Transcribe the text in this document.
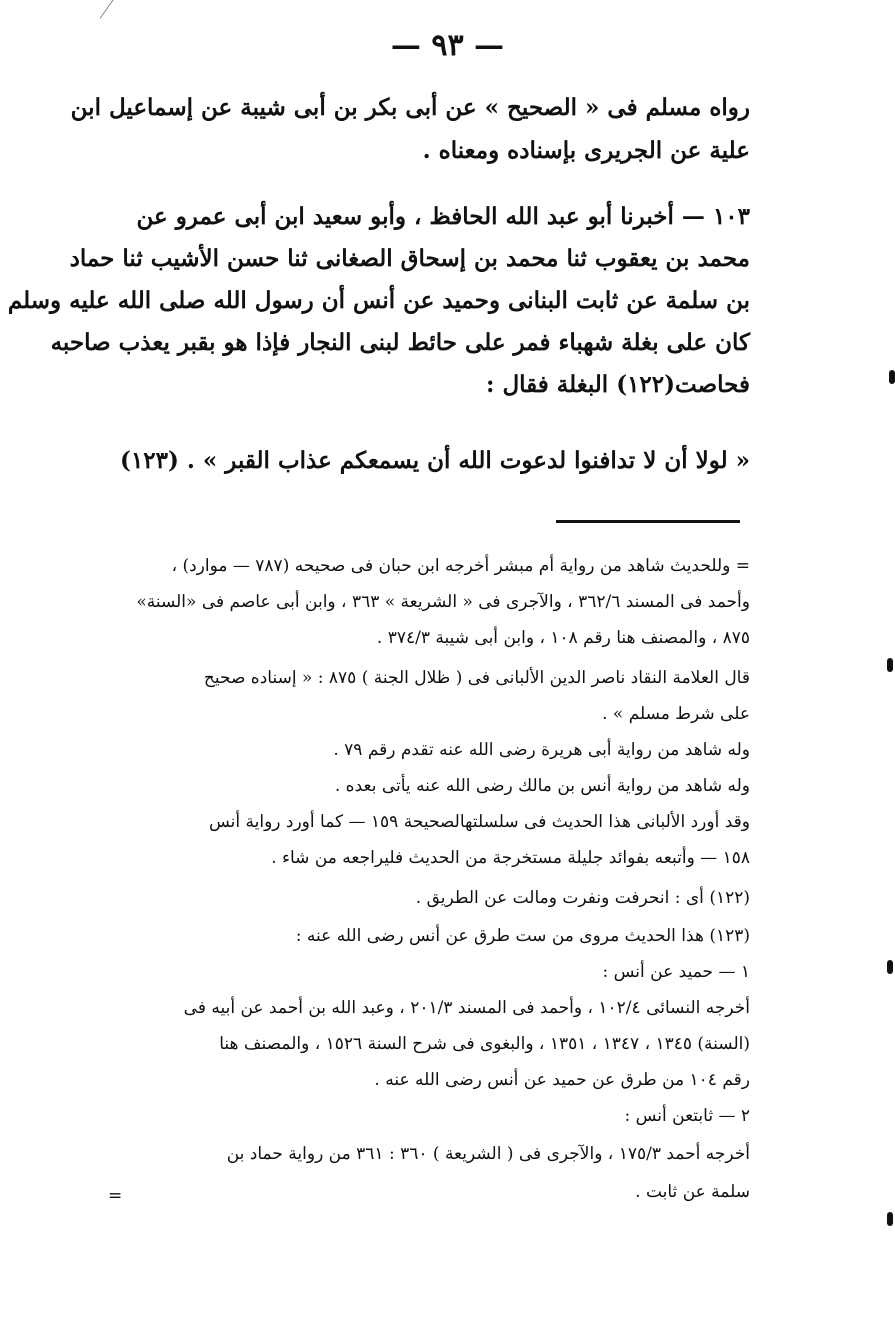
— ٩٣ —
رواه مسلم فى « الصحيح » عن أبى بكر بن أبى شيبة عن إسماعيل ابن
علية عن الجريرى بإسناده ومعناه .
١٠٣ — أخبرنا أبو عبد الله الحافظ ، وأبو سعيد ابن أبى عمرو عن
محمد بن يعقوب ثنا محمد بن إسحاق الصغانى ثنا حسن الأشيب ثنا حماد
بن سلمة عن ثابت البنانى وحميد عن أنس أن رسول الله صلى الله عليه وسلم
كان على بغلة شهباء فمر على حائط لبنى النجار فإذا هو بقبر يعذب صاحبه
فحاصت(١٢٢) البغلة فقال :
« لولا أن لا تدافنوا لدعوت الله أن يسمعكم عذاب القبر » . (١٢٣)
= وللحديث شاهد من رواية أم مبشر أخرجه ابن حبان فى صحيحه (٧٨٧ — موارد) ،
وأحمد فى المسند ٣٦٢/٦ ، والآجرى فى « الشريعة » ٣٦٣ ، وابن أبى عاصم فى «السنة»
٨٧٥ ، والمصنف هنا رقم ١٠٨ ، وابن أبى شيبة ٣٧٤/٣ .
قال العلامة النقاد ناصر الدين الألبانى فى ( ظلال الجنة ) ٨٧٥ : « إسناده صحيح
على شرط مسلم » .
وله شاهد من رواية أبى هريرة رضى الله عنه تقدم رقم ٧٩ .
وله شاهد من رواية أنس بن مالك رضى الله عنه يأتى بعده .
وقد أورد الألبانى هذا الحديث فى سلسلتهالصحيحة ١٥٩ — كما أورد رواية أنس
١٥٨ — وأتبعه بفوائد جليلة مستخرجة من الحديث فليراجعه من شاء .
(١٢٢) أى : انحرفت ونفرت ومالت عن الطريق .
(١٢٣) هذا الحديث مروى من ست طرق عن أنس رضى الله عنه :
١ — حميد عن أنس :
أخرجه النسائى ١٠٢/٤ ، وأحمد فى المسند ٢٠١/٣ ، وعبد الله بن أحمد عن أبيه فى
(السنة) ١٣٤٥ ، ١٣٤٧ ، ١٣٥١ ، والبغوى فى شرح السنة ١٥٢٦ ، والمصنف هنا
رقم ١٠٤ من طرق عن حميد عن أنس رضى الله عنه .
٢ — ثابتعن أنس :
أخرجه أحمد ١٧٥/٣ ، والآجرى فى ( الشريعة ) ٣٦٠ : ٣٦١ من رواية حماد بن
سلمة عن ثابت .
=
